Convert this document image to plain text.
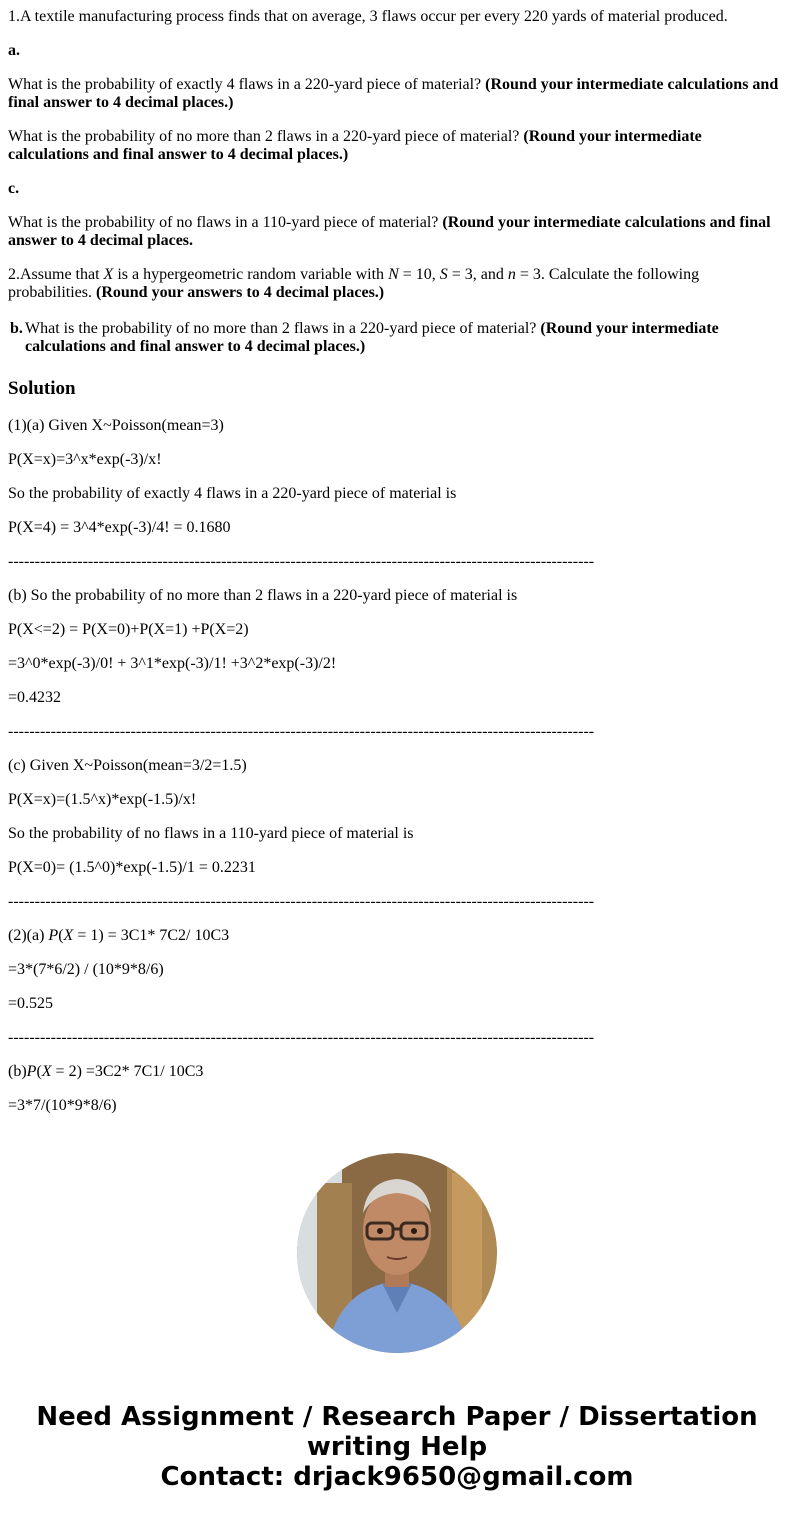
1.A textile manufacturing process finds that on average, 3 flaws occur per every 220 yards of material produced.

a.

What is the probability of exactly 4 flaws in a 220-yard piece of material? (Round your intermediate calculations and final answer to 4 decimal places.)

What is the probability of no more than 2 flaws in a 220-yard piece of material? (Round your intermediate calculations and final answer to 4 decimal places.)

c.

What is the probability of no flaws in a 110-yard piece of material? (Round your intermediate calculations and final answer to 4 decimal places.

2.Assume that X is a hypergeometric random variable with N = 10, S = 3, and n = 3. Calculate the following probabilities. (Round your answers to 4 decimal places.)

b. What is the probability of no more than 2 flaws in a 220-yard piece of material? (Round your intermediate calculations and final answer to 4 decimal places.)
Solution

(1)(a) Given X~Poisson(mean=3)

P(X=x)=3^x*exp(-3)/x!

So the probability of exactly 4 flaws in a 220-yard piece of material is

P(X=4) = 3^4*exp(-3)/4! = 0.1680

--------------------------------------------------------------------------------------------------------------

(b) So the probability of no more than 2 flaws in a 220-yard piece of material is

P(X<=2) = P(X=0)+P(X=1) +P(X=2)

=3^0*exp(-3)/0! + 3^1*exp(-3)/1! +3^2*exp(-3)/2!

=0.4232

--------------------------------------------------------------------------------------------------------------

(c) Given X~Poisson(mean=3/2=1.5)

P(X=x)=(1.5^x)*exp(-1.5)/x!

So the probability of no flaws in a 110-yard piece of material is

P(X=0)= (1.5^0)*exp(-1.5)/1 = 0.2231

--------------------------------------------------------------------------------------------------------------

(2)(a) P(X = 1) = 3C1* 7C2/ 10C3

=3*(7*6/2) / (10*9*8/6)

=0.525

--------------------------------------------------------------------------------------------------------------

(b)P(X = 2) =3C2* 7C1/ 10C3

=3*7/(10*9*8/6)

Need Assignment / Research Paper / Dissertation
writing Help
Contact: drjack9650@gmail.com
